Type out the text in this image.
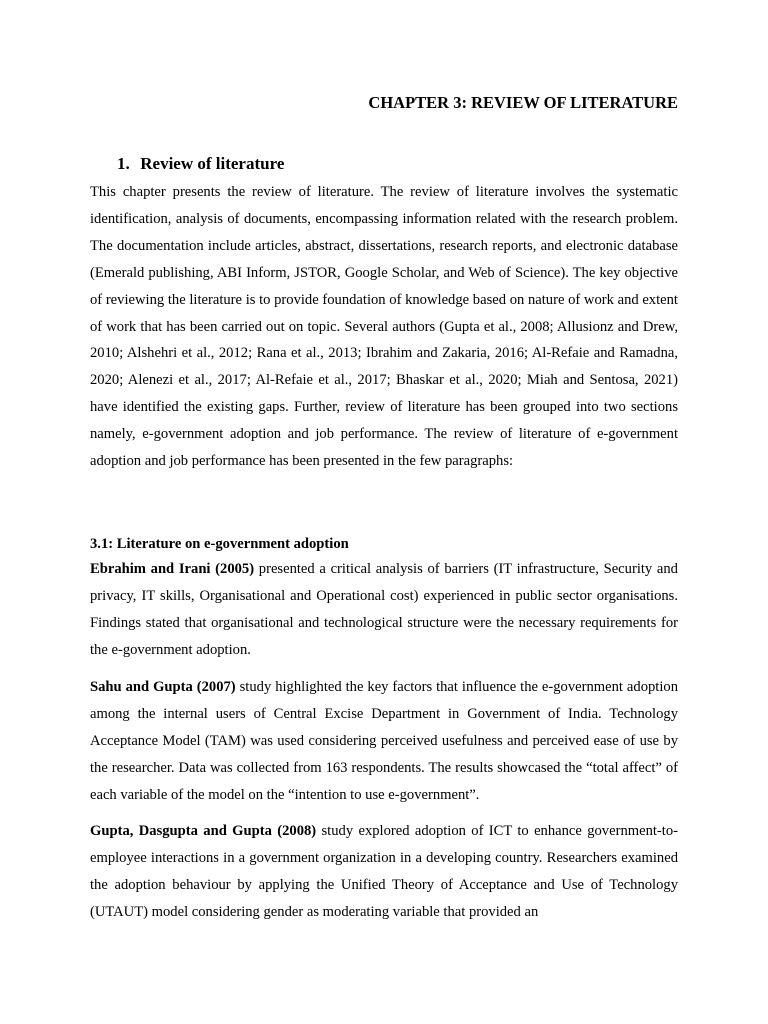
CHAPTER 3: REVIEW OF LITERATURE
1. Review of literature

This chapter presents the review of literature. The review of literature involves the systematic identification, analysis of documents, encompassing information related with the research problem. The documentation include articles, abstract, dissertations, research reports, and electronic database (Emerald publishing, ABI Inform, JSTOR, Google Scholar, and Web of Science). The key objective of reviewing the literature is to provide foundation of knowledge based on nature of work and extent of work that has been carried out on topic. Several authors (Gupta et al., 2008; Allusionz and Drew, 2010; Alshehri et al., 2012; Rana et al., 2013; Ibrahim and Zakaria, 2016; Al-Refaie and Ramadna, 2020; Alenezi et al., 2017; Al-Refaie et al., 2017; Bhaskar et al., 2020; Miah and Sentosa, 2021) have identified the existing gaps. Further, review of literature has been grouped into two sections namely, e-government adoption and job performance. The review of literature of e-government adoption and job performance has been presented in the few paragraphs:

3.1: Literature on e-government adoption

Ebrahim and Irani (2005) presented a critical analysis of barriers (IT infrastructure, Security and privacy, IT skills, Organisational and Operational cost) experienced in public sector organisations. Findings stated that organisational and technological structure were the necessary requirements for the e-government adoption.

Sahu and Gupta (2007) study highlighted the key factors that influence the e-government adoption among the internal users of Central Excise Department in Government of India. Technology Acceptance Model (TAM) was used considering perceived usefulness and perceived ease of use by the researcher. Data was collected from 163 respondents. The results showcased the “total affect” of each variable of the model on the “intention to use e-government”.

Gupta, Dasgupta and Gupta (2008) study explored adoption of ICT to enhance government-to-employee interactions in a government organization in a developing country. Researchers examined the adoption behaviour by applying the Unified Theory of Acceptance and Use of Technology (UTAUT) model considering gender as moderating variable that provided an
